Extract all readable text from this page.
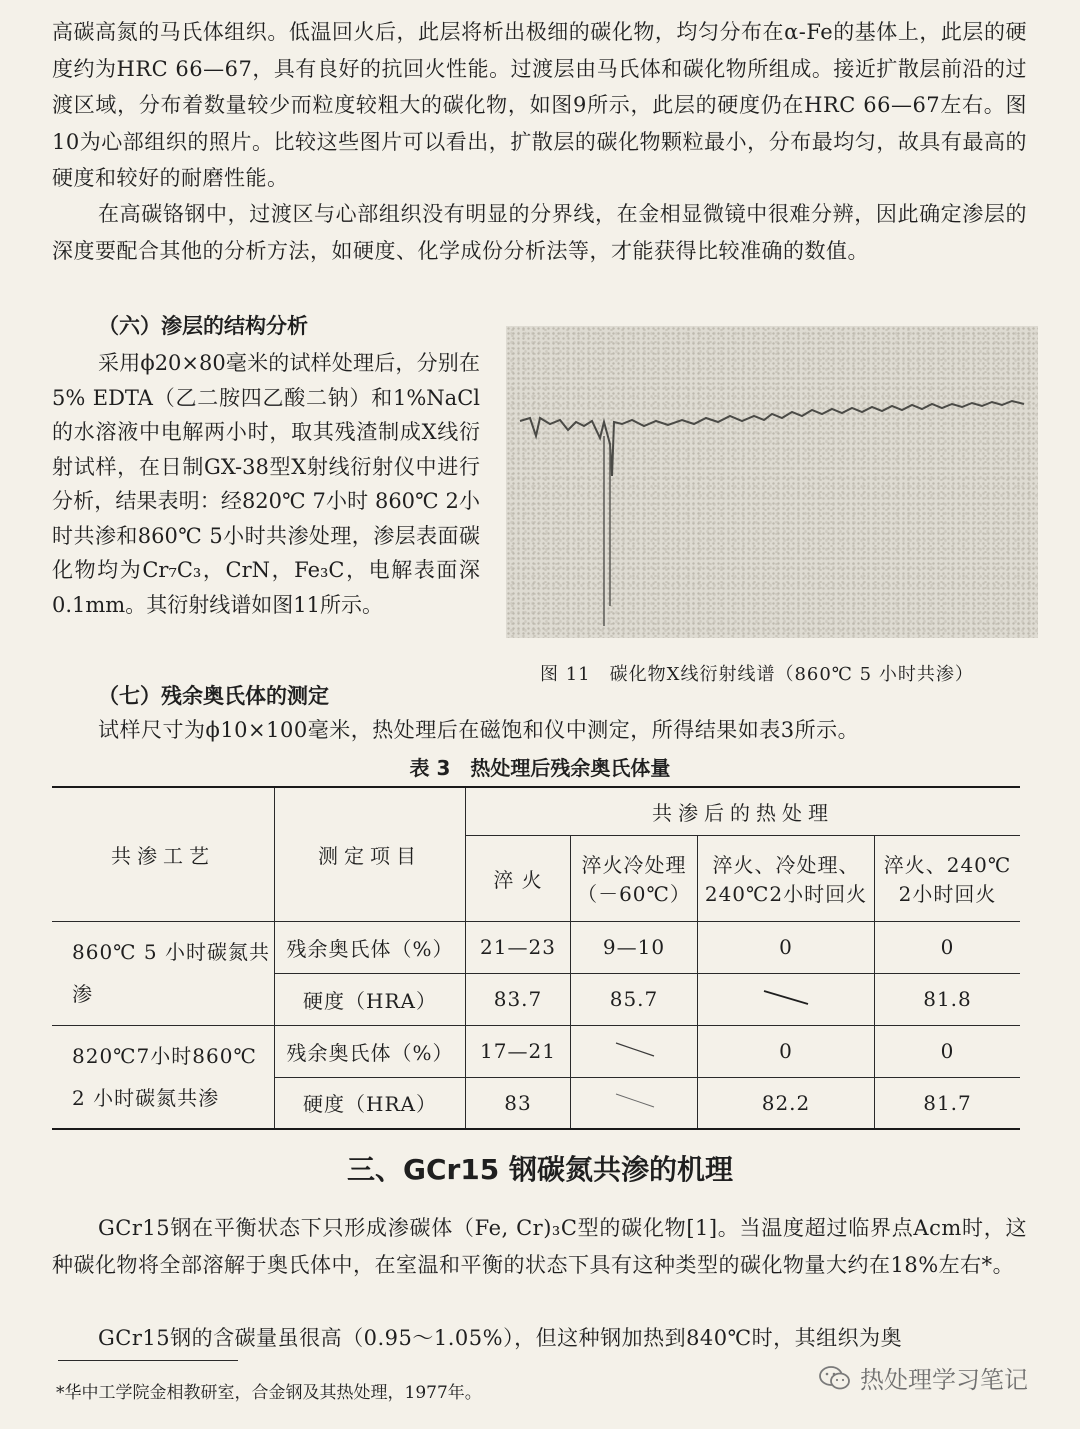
高碳高氮的马氏体组织。低温回火后，此层将析出极细的碳化物，均匀分布在α-Fe的基体上，此层的硬度约为HRC 66—67，具有良好的抗回火性能。过渡层由马氏体和碳化物所组成。接近扩散层前沿的过渡区域，分布着数量较少而粒度较粗大的碳化物，如图9所示，此层的硬度仍在HRC 66—67左右。图10为心部组织的照片。比较这些图片可以看出，扩散层的碳化物颗粒最小，分布最均匀，故具有最高的硬度和较好的耐磨性能。

在高碳铬钢中，过渡区与心部组织没有明显的分界线，在金相显微镜中很难分辨，因此确定渗层的深度要配合其他的分析方法，如硬度、化学成份分析法等，才能获得比较准确的数值。

（六）渗层的结构分析

采用ϕ20×80毫米的试样处理后，分别在5% EDTA（乙二胺四乙酸二钠）和1%NaCl的水溶液中电解两小时，取其残渣制成X线衍射试样，在日制GX-38型X射线衍射仪中进行分析，结果表明：经820℃ 7小时 860℃ 2小时共渗和860℃ 5小时共渗处理，渗层表面碳化物均为Cr₇C₃，CrN，Fe₃C，电解表面深0.1mm。其衍射线谱如图11所示。

图 11　碳化物X线衍射线谱（860℃ 5 小时共渗）
（七）残余奥氏体的测定

试样尺寸为ϕ10×100毫米，热处理后在磁饱和仪中测定，所得结果如表3所示。

表 3　热处理后残余奥氏体量
共渗工艺	测定项目	共渗后的热处理			
		淬 火	淬火冷处理（－60℃）	淬火、冷处理、240℃2小时回火	淬火、240℃ 2小时回火
860℃ 5 小时碳氮共渗	残余奥氏体（%）	21—23	9—10	0	0
	硬度（HRA）	83.7	85.7		81.8
820℃7小时860℃ 2 小时碳氮共渗	残余奥氏体（%）	17—21		0	0
	硬度（HRA）	83		82.2	81.7
三、GCr15 钢碳氮共渗的机理

GCr15钢在平衡状态下只形成渗碳体（Fe, Cr)₃C型的碳化物[1]。当温度超过临界点Acm时，这种碳化物将全部溶解于奥氏体中，在室温和平衡的状态下具有这种类型的碳化物量大约在18%左右*。

GCr15钢的含碳量虽很高（0.95～1.05%），但这种钢加热到840℃时，其组织为奥

*华中工学院金相教研室，合金钢及其热处理，1977年。	热处理学习笔记
